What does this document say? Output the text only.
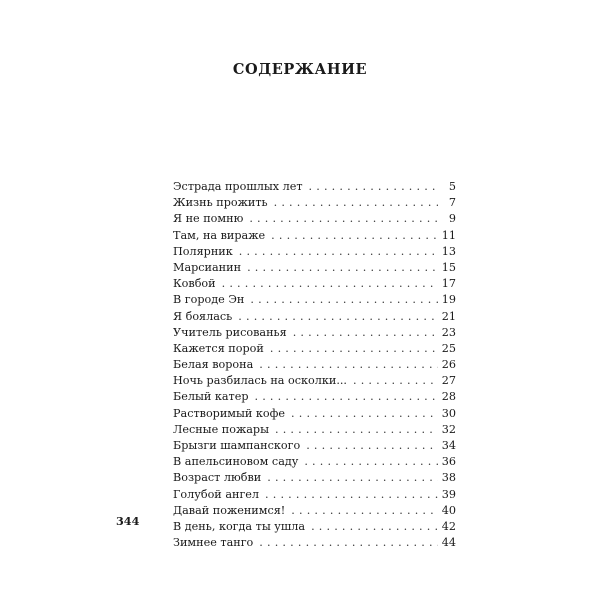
СОДЕРЖАНИЕ
Эстрада прошлых лет . . .	5
Жизнь прожить . . .	7
Я не помню . . .	9
Там, на вираже . . .	11
Полярник . . .	13
Марсианин . . .	15
Ковбой . . .	17
В городе Эн . . .	19
Я боялась . . .	21
Учитель рисованья . . .	23
Кажется порой . . .	25
Белая ворона . . .	26
Ночь разбилась на осколки... . . .	27
Белый катер . . .	28
Растворимый кофе . . .	30
Лесные пожары . . .	32
Брызги шампанского . . .	34
В апельсиновом саду . . .	36
Возраст любви . . .	38
Голубой ангел . . .	39
Давай поженимся! . . .	40
В день, когда ты ушла . . .	42
Зимнее танго . . .	44
344
